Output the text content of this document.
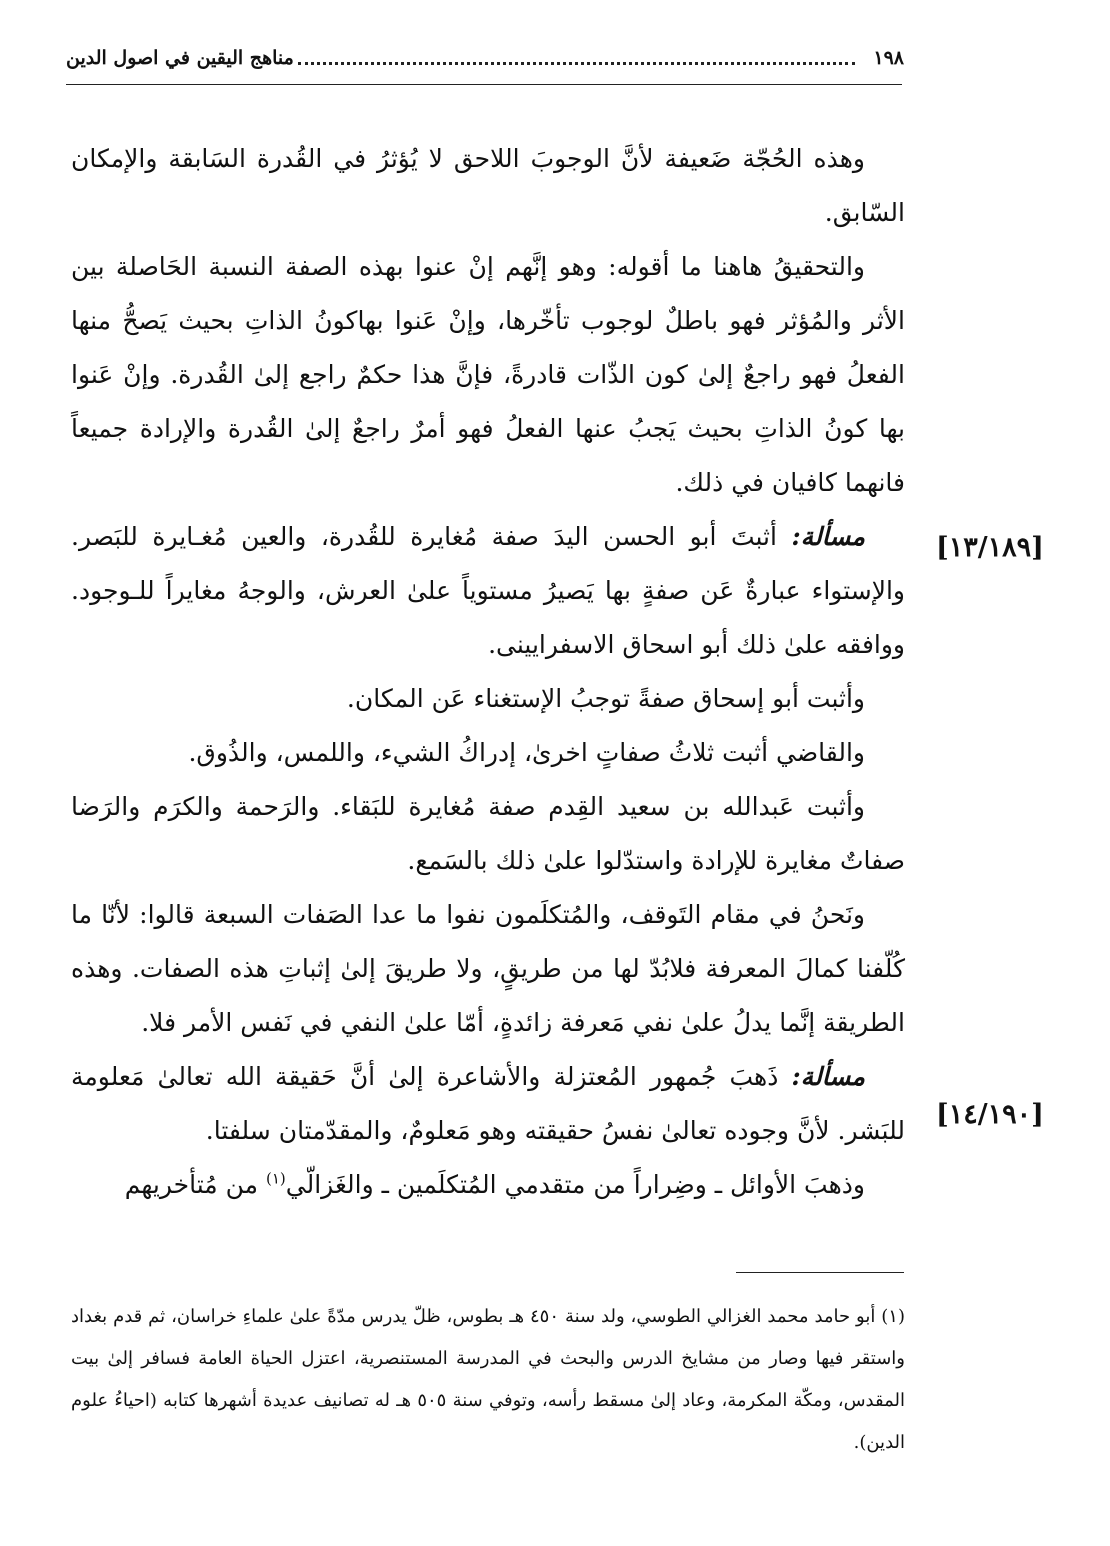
١٩٨
مناهج اليقين في اصول الدين
[١٣/١٨٩]
[١٤/١٩٠]

وهذه الحُجّة ضَعيفة لأنَّ الوجوبَ اللاحق لا يُؤثرُ في القُدرة السَابقة والإمكان السّابق.

والتحقيقُ هاهنا ما أقوله: وهو إنَّهم إنْ عنوا بهذه الصفة النسبة الحَاصلة بين الأثر والمُؤثر فهو باطلٌ لوجوب تأخّرها، وإنْ عَنوا بهاكونُ الذاتِ بحيث يَصحُّ منها الفعلُ فهو راجعٌ إلىٰ كون الذّات قادرةً، فإنَّ هذا حكمٌ راجع إلىٰ القُدرة. وإنْ عَنوا بها كونُ الذاتِ بحيث يَجبُ عنها الفعلُ فهو أمرٌ راجعٌ إلىٰ القُدرة والإرادة جميعاً فانهما كافيان في ذلك.

مسألة: أثبتَ أبو الحسن اليدَ صفة مُغايرة للقُدرة، والعين مُغـايرة للبَصر. والإستواء عبارةٌ عَن صفةٍ بها يَصيرُ مستوياً علىٰ العرش، والوجهُ مغايراً للـوجود. ووافقه علىٰ ذلك أبو اسحاق الاسفرايينى.

وأثبت أبو إسحاق صفةً توجبُ الإستغناء عَن المكان.

والقاضي أثبت ثلاثُ صفاتٍ اخرىٰ، إدراكُ الشيء، واللمس، والذُوق.

وأثبت عَبدالله بن سعيد القِدم صفة مُغايرة للبَقاء. والرَحمة والكرَم والرَضا صفاتٌ مغايرة للإرادة واستدّلوا علىٰ ذلك بالسَمع.

ونَحنُ في مقام التَوقف، والمُتكلَمون نفوا ما عدا الصَفات السبعة قالوا: لأنّا ما كُلّفنا كمالَ المعرفة فلابُدّ لها من طريقٍ، ولا طريقَ إلىٰ إثباتِ هذه الصفات. وهذه الطريقة إنَّما يدلُ علىٰ نفي مَعرفة زائدةٍ، أمّا علىٰ النفي في نَفس الأمر فلا.

مسألة: ذَهبَ جُمهور المُعتزلة والأشاعرة إلىٰ أنَّ حَقيقة الله تعالىٰ مَعلومة للبَشر. لأنَّ وجوده تعالىٰ نفسُ حقيقته وهو مَعلومٌ، والمقدّمتان سلفتا.

وذهبَ الأوائل ـ وضِراراً من متقدمي المُتكلَمين ـ والغَزالّي$^{(١)}$ من مُتأخريهم

(١) أبو حامد محمد الغزالي الطوسي، ولد سنة ٤٥٠ هـ بطوس، ظلّ يدرس مدّةً علىٰ علماءِ خراسان، ثم قدم بغداد واستقر فيها وصار من مشايخ الدرس والبحث في المدرسة المستنصرية، اعتزل الحياة العامة فسافر إلىٰ بيت المقدس، ومكّة المكرمة، وعاد إلىٰ مسقط رأسه، وتوفي سنة ٥٠٥ هـ له تصانيف عديدة أشهرها كتابه (احياءُ علوم الدين).
